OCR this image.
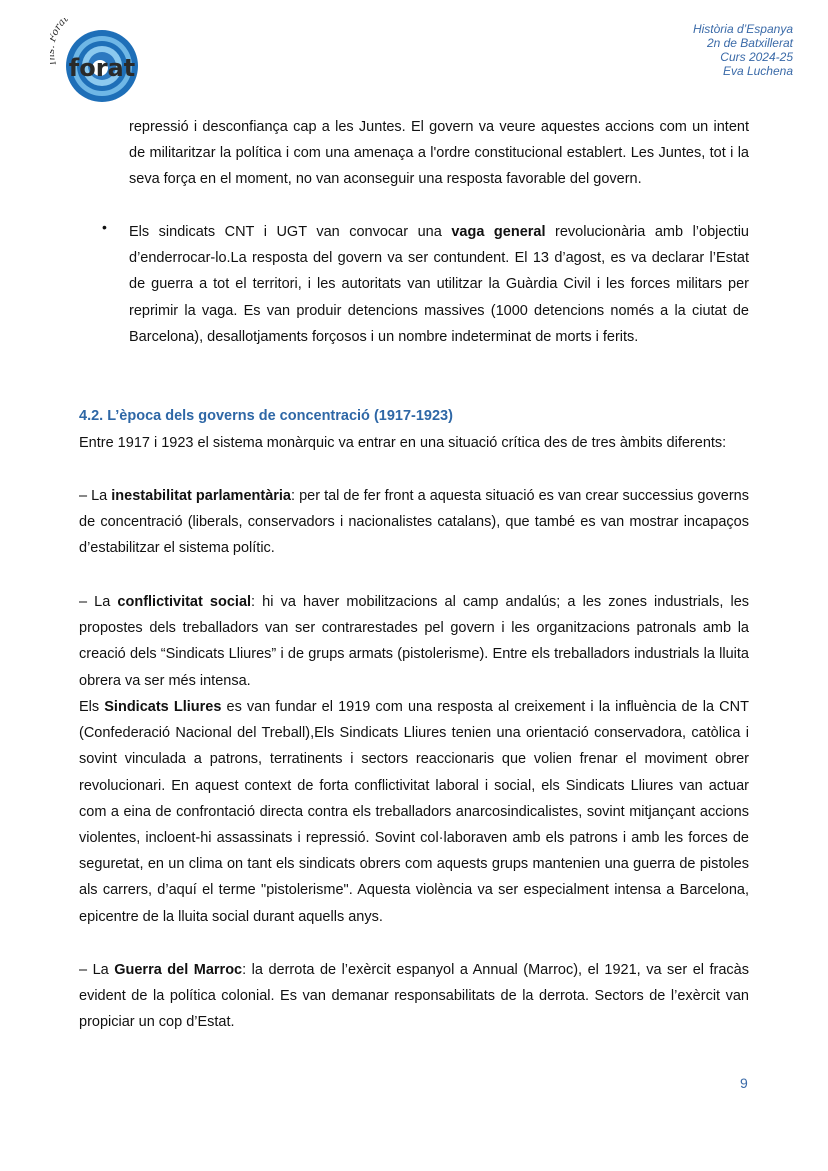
orat
forat
Història d’Espanya
2n de Batxillerat
Curs 2024-25
Eva Luchena

repressió i desconfiança cap a les Juntes. El govern va veure aquestes accions com un intent de militaritzar la política i com una amenaça a l'ordre constitucional establert. Les Juntes, tot i la seva força en el moment, no van aconseguir una resposta favorable del govern.

• Els sindicats CNT i UGT van convocar una vaga general revolucionària amb l’objectiu d’enderrocar-lo.La resposta del govern va ser contundent. El 13 d’agost, es va declarar l’Estat de guerra a tot el territori, i les autoritats van utilitzar la Guàrdia Civil i les forces militars per reprimir la vaga. Es van produir detencions massives (1000 detencions només a la ciutat de Barcelona), desallotjaments forçosos i un nombre indeterminat de morts i ferits.

4.2. L’època dels governs de concentració (1917-1923)

Entre 1917 i 1923 el sistema monàrquic va entrar en una situació crítica des de tres àmbits diferents:

– La inestabilitat parlamentària: per tal de fer front a aquesta situació es van crear successius governs de concentració (liberals, conservadors i nacionalistes catalans), que també es van mostrar incapaços d’estabilitzar el sistema polític.

– La conflictivitat social: hi va haver mobilitzacions al camp andalús; a les zones industrials, les propostes dels treballadors van ser contrarestades pel govern i les organitzacions patronals amb la creació dels “Sindicats Lliures” i de grups armats (pistolerisme). Entre els treballadors industrials la lluita obrera va ser més intensa.

Els Sindicats Lliures es van fundar el 1919 com una resposta al creixement i la influència de la CNT (Confederació Nacional del Treball),Els Sindicats Lliures tenien una orientació conservadora, catòlica i sovint vinculada a patrons, terratinents i sectors reaccionaris que volien frenar el moviment obrer revolucionari. En aquest context de forta conflictivitat laboral i social, els Sindicats Lliures van actuar com a eina de confrontació directa contra els treballadors anarcosindicalistes, sovint mitjançant accions violentes, incloent-hi assassinats i repressió. Sovint col·laboraven amb els patrons i amb les forces de seguretat, en un clima on tant els sindicats obrers com aquests grups mantenien una guerra de pistoles als carrers, d’aquí el terme "pistolerisme". Aquesta violència va ser especialment intensa a Barcelona, epicentre de la lluita social durant aquells anys.

– La Guerra del Marroc: la derrota de l’exèrcit espanyol a Annual (Marroc), el 1921, va ser el fracàs evident de la política colonial. Es van demanar responsabilitats de la derrota. Sectors de l’exèrcit van propiciar un cop d’Estat.

9
